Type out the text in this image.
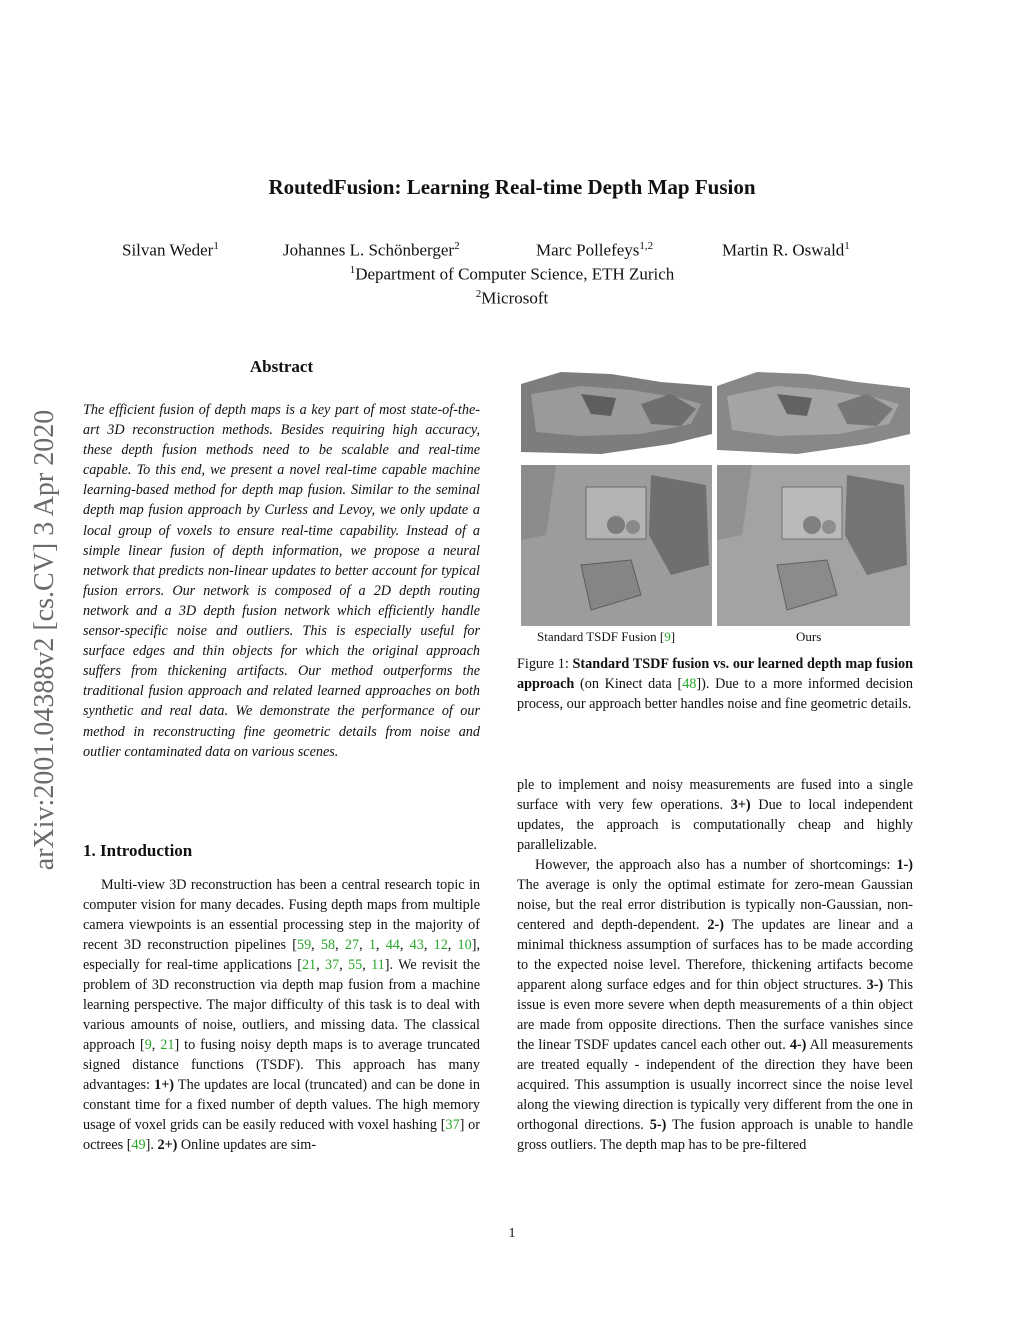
arXiv:2001.04388v2 [cs.CV] 3 Apr 2020
RoutedFusion: Learning Real-time Depth Map Fusion
Silvan Weder$^1$	Johannes L. Schönberger$^2$	Marc Pollefeys$^{1,2}$	Martin R. Oswald$^1$
$^1$Department of Computer Science, ETH Zurich
$^2$Microsoft
Abstract
The efficient fusion of depth maps is a key part of most state-of-the-art 3D reconstruction methods. Besides requiring high accuracy, these depth fusion methods need to be scalable and real-time capable. To this end, we present a novel real-time capable machine learning-based method for depth map fusion. Similar to the seminal depth map fusion approach by Curless and Levoy, we only update a local group of voxels to ensure real-time capability. Instead of a simple linear fusion of depth information, we propose a neural network that predicts non-linear updates to better account for typical fusion errors. Our network is composed of a 2D depth routing network and a 3D depth fusion network which efficiently handle sensor-specific noise and outliers. This is especially useful for surface edges and thin objects for which the original approach suffers from thickening artifacts. Our method outperforms the traditional fusion approach and related learned approaches on both synthetic and real data. We demonstrate the performance of our method in reconstructing fine geometric details from noise and outlier contaminated data on various scenes.
1. Introduction

Multi-view 3D reconstruction has been a central research topic in computer vision for many decades. Fusing depth maps from multiple camera viewpoints is an essential processing step in the majority of recent 3D reconstruction pipelines [59, 58, 27, 1, 44, 43, 12, 10], especially for real-time applications [21, 37, 55, 11]. We revisit the problem of 3D reconstruction via depth map fusion from a machine learning perspective. The major difficulty of this task is to deal with various amounts of noise, outliers, and missing data. The classical approach [9, 21] to fusing noisy depth maps is to average truncated signed distance functions (TSDF). This approach has many advantages: 1+) The updates are local (truncated) and can be done in constant time for a fixed number of depth values. The high memory usage of voxel grids can be easily reduced with voxel hashing [37] or octrees [49]. 2+) Online updates are sim-

Standard TSDF Fusion [9]	Ours
Figure 1: Standard TSDF fusion vs. our learned depth map fusion approach (on Kinect data [48]). Due to a more informed decision process, our approach better handles noise and fine geometric details.

ple to implement and noisy measurements are fused into a single surface with very few operations. 3+) Due to local independent updates, the approach is computationally cheap and highly parallelizable.

However, the approach also has a number of shortcomings: 1-) The average is only the optimal estimate for zero-mean Gaussian noise, but the real error distribution is typically non-Gaussian, non-centered and depth-dependent. 2-) The updates are linear and a minimal thickness assumption of surfaces has to be made according to the expected noise level. Therefore, thickening artifacts become apparent along surface edges and for thin object structures. 3-) This issue is even more severe when depth measurements of a thin object are made from opposite directions. Then the surface vanishes since the linear TSDF updates cancel each other out. 4-) All measurements are treated equally - independent of the direction they have been acquired. This assumption is usually incorrect since the noise level along the viewing direction is typically very different from the one in orthogonal directions. 5-) The fusion approach is unable to handle gross outliers. The depth map has to be pre-filtered

1
